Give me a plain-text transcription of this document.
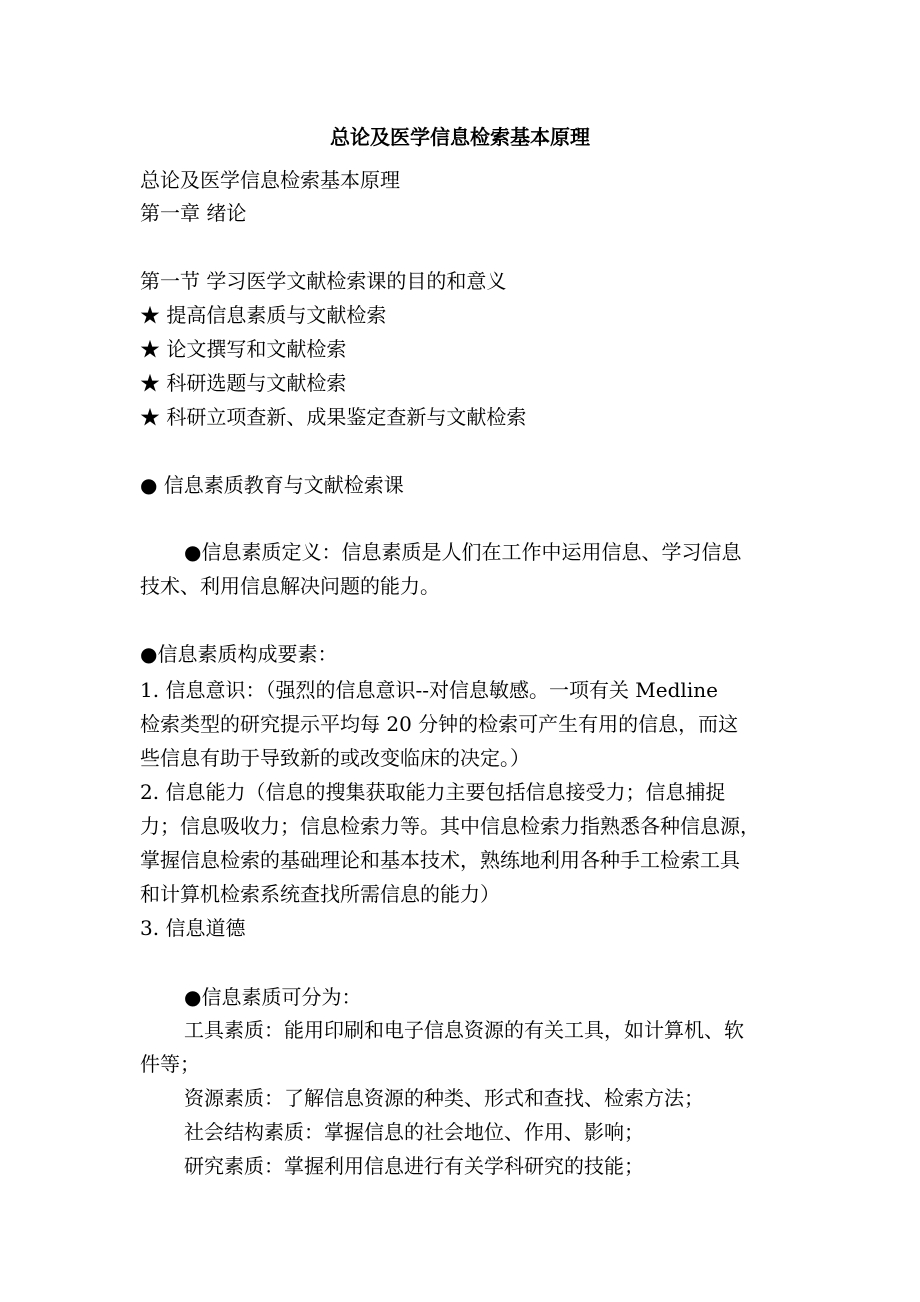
总论及医学信息检索基本原理
总论及医学信息检索基本原理
第一章 绪论
第一节 学习医学文献检索课的目的和意义
★ 提高信息素质与文献检索
★ 论文撰写和文献检索
★ 科研选题与文献检索
★ 科研立项查新、成果鉴定查新与文献检索
● 信息素质教育与文献检索课
●信息素质定义：信息素质是人们在工作中运用信息、学习信息
技术、利用信息解决问题的能力。
●信息素质构成要素：
1. 信息意识：（强烈的信息意识--对信息敏感。一项有关 Medline
检索类型的研究提示平均每 20 分钟的检索可产生有用的信息，而这
些信息有助于导致新的或改变临床的决定。）
2. 信息能力（信息的搜集获取能力主要包括信息接受力；信息捕捉
力；信息吸收力；信息检索力等。其中信息检索力指熟悉各种信息源，
掌握信息检索的基础理论和基本技术，熟练地利用各种手工检索工具
和计算机检索系统查找所需信息的能力）
3. 信息道德
●信息素质可分为：
工具素质：能用印刷和电子信息资源的有关工具，如计算机、软
件等；
资源素质：了解信息资源的种类、形式和查找、检索方法；
社会结构素质：掌握信息的社会地位、作用、影响；
研究素质：掌握利用信息进行有关学科研究的技能；
